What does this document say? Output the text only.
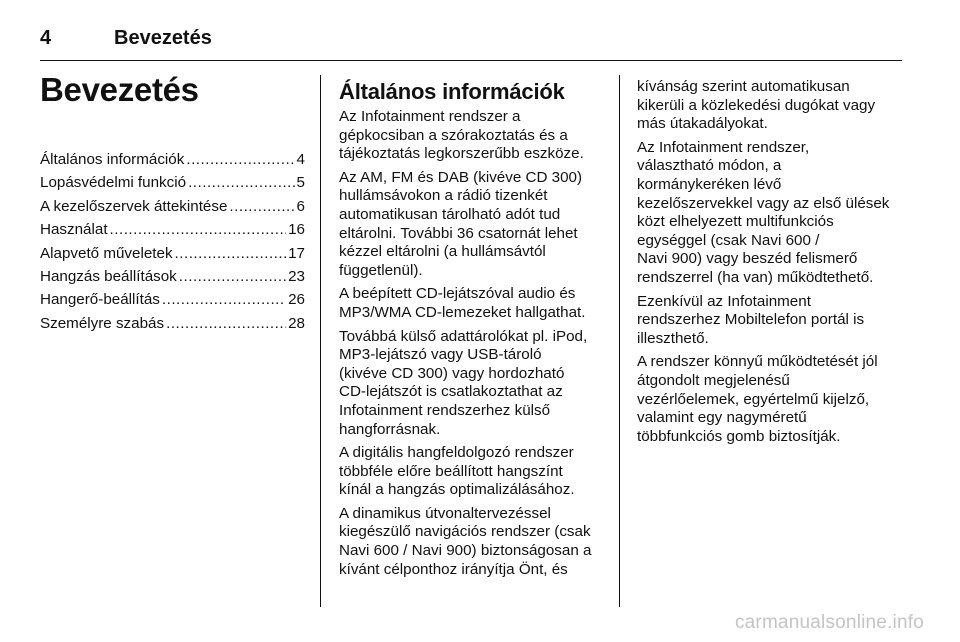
4	Bevezetés
Bevezetés
Általános információk .....	4
Lopásvédelmi funkció .....	5
A kezelőszervek áttekintése .....	6
Használat .....	16
Alapvető műveletek .....	17
Hangzás beállítások .....	23
Hangerő-beállítás .....	26
Személyre szabás .....	28
Általános információk

Az Infotainment rendszer a
gépkocsiban a szórakoztatás és a
tájékoztatás legkorszerűbb eszköze.

Az AM, FM és DAB (kivéve CD 300)
hullámsávokon a rádió tizenkét
automatikusan tárolható adót tud
eltárolni. További 36 csatornát lehet
kézzel eltárolni (a hullámsávtól
függetlenül).

A beépített CD-lejátszóval audio és
MP3/WMA CD-lemezeket hallgathat.

Továbbá külső adattárolókat pl. iPod,
MP3-lejátszó vagy USB-tároló
(kivéve CD 300) vagy hordozható
CD-lejátszót is csatlakoztathat az
Infotainment rendszerhez külső
hangforrásnak.

A digitális hangfeldolgozó rendszer
többféle előre beállított hangszínt
kínál a hangzás optimalizálásához.

A dinamikus útvonaltervezéssel
kiegészülő navigációs rendszer (csak
Navi 600 / Navi 900) biztonságosan a
kívánt célponthoz irányítja Önt, és

kívánság szerint automatikusan
kikerüli a közlekedési dugókat vagy
más útakadályokat.

Az Infotainment rendszer,
választható módon, a
kormánykeréken lévő
kezelőszervekkel vagy az első ülések
közt elhelyezett multifunkciós
egységgel (csak Navi 600 /
Navi 900) vagy beszéd felismerő
rendszerrel (ha van) működtethető.

Ezenkívül az Infotainment
rendszerhez Mobiltelefon portál is
illeszthető.

A rendszer könnyű működtetését jól
átgondolt megjelenésű
vezérlőelemek, egyértelmű kijelző,
valamint egy nagyméretű
többfunkciós gomb biztosítják.

carmanualsonline.info
